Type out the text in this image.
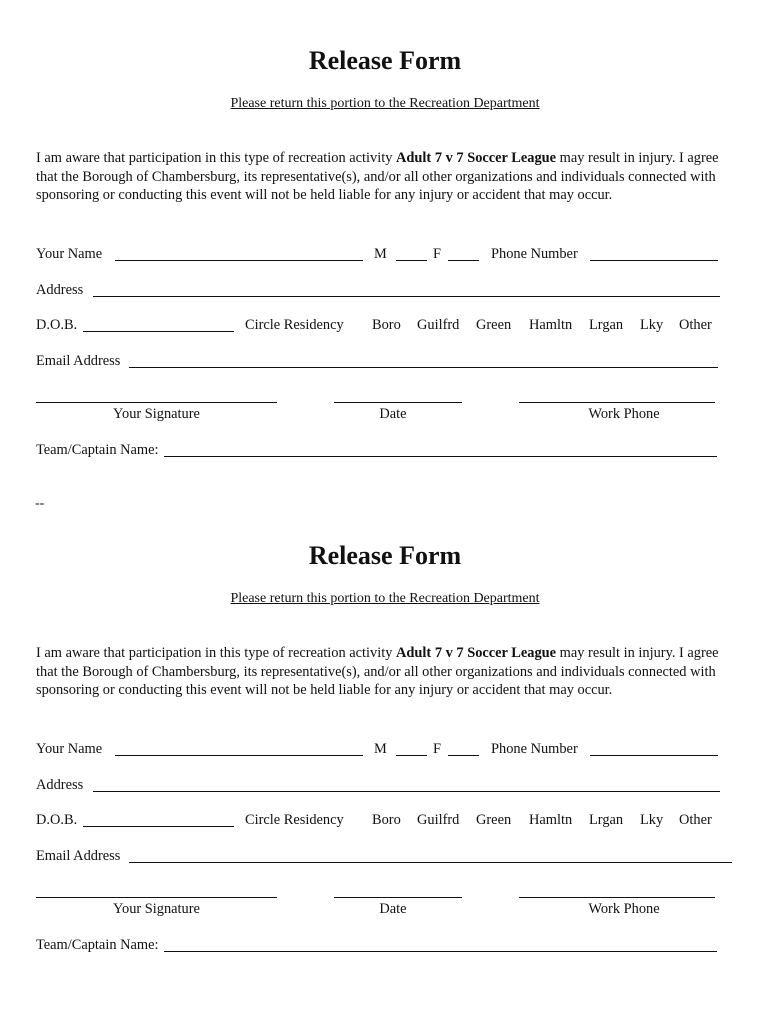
Release Form
Please return this portion to the Recreation Department
I am aware that participation in this type of recreation activity Adult 7 v 7 Soccer League may result in injury. I agree that the Borough of Chambersburg, its representative(s), and/or all other organizations and individuals connected with sponsoring or conducting this event will not be held liable for any injury or accident that may occur.
Your Name	M	F	Phone Number
Address
D.O.B.	Circle Residency Boro Guilfrd Green Hamltn Lrgan Lky Other
Email Address
Your Signature	Date	Work Phone
Team/Captain Name:
--
Release Form
Please return this portion to the Recreation Department
I am aware that participation in this type of recreation activity Adult 7 v 7 Soccer League may result in injury. I agree that the Borough of Chambersburg, its representative(s), and/or all other organizations and individuals connected with sponsoring or conducting this event will not be held liable for any injury or accident that may occur.
Your Name	M	F	Phone Number
Address
D.O.B.	Circle Residency Boro Guilfrd Green Hamltn Lrgan Lky Other
Email Address
Your Signature	Date	Work Phone
Team/Captain Name:
